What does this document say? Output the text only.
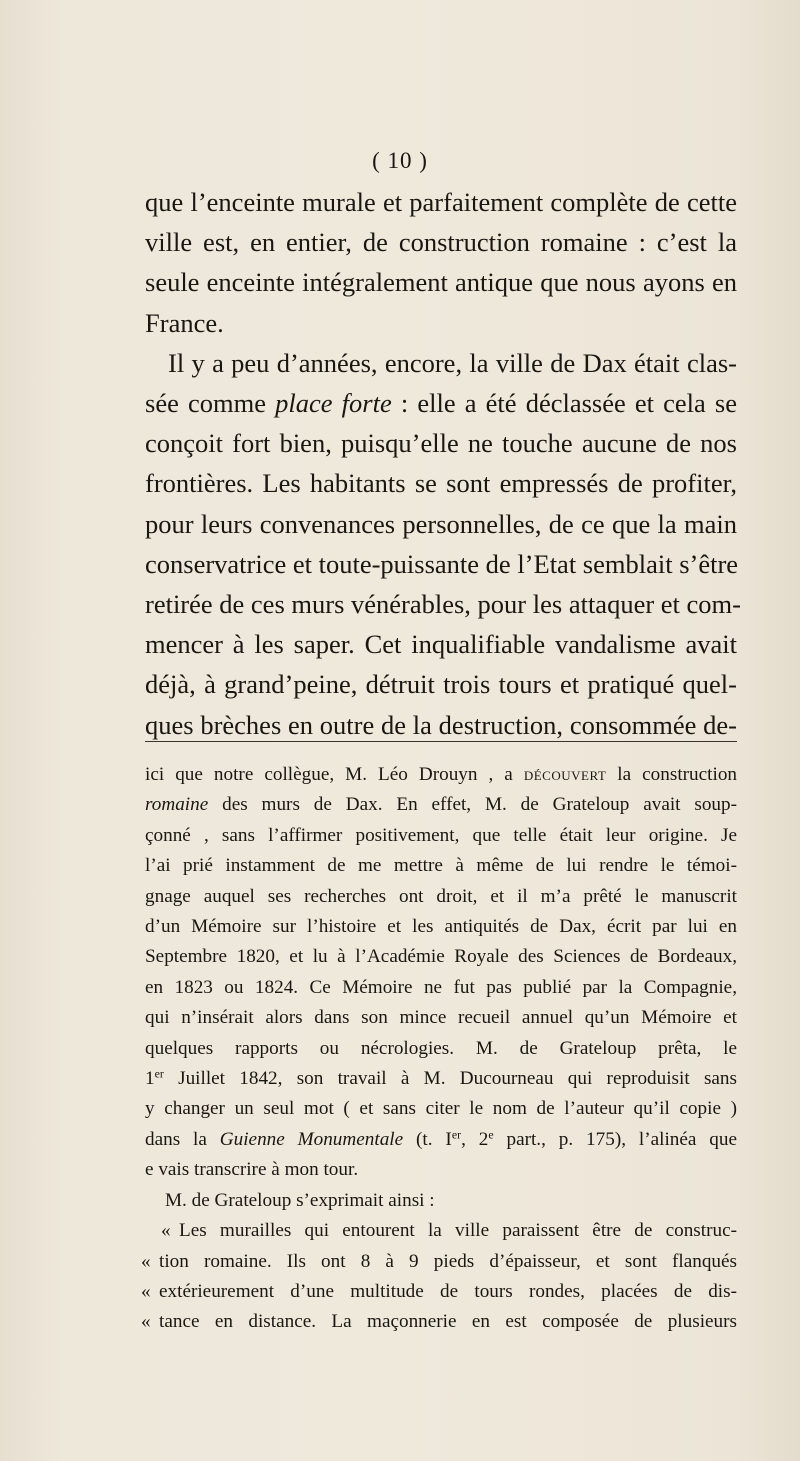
( 10 )
que l’enceinte murale et parfaitement complète de cette
ville est, en entier, de construction romaine : c’est la
seule enceinte intégralement antique que nous ayons en
France.
Il y a peu d’années, encore, la ville de Dax était clas-
sée comme place forte : elle a été déclassée et cela se
conçoit fort bien, puisqu’elle ne touche aucune de nos
frontières. Les habitants se sont empressés de profiter,
pour leurs convenances personnelles, de ce que la main
conservatrice et toute-puissante de l’Etat semblait s’être
retirée de ces murs vénérables, pour les attaquer et com-
mencer à les saper. Cet inqualifiable vandalisme avait
déjà, à grand’peine, détruit trois tours et pratiqué quel-
ques brèches en outre de la destruction, consommée de-
ici que notre collègue, M. Léo Drouyn , a découvert la construction
romaine des murs de Dax. En effet, M. de Grateloup avait soup-
çonné , sans l’affirmer positivement, que telle était leur origine. Je
l’ai prié instamment de me mettre à même de lui rendre le témoi-
gnage auquel ses recherches ont droit, et il m’a prêté le manuscrit
d’un Mémoire sur l’histoire et les antiquités de Dax, écrit par lui en
Septembre 1820, et lu à l’Académie Royale des Sciences de Bordeaux,
en 1823 ou 1824. Ce Mémoire ne fut pas publié par la Compagnie,
qui n’insérait alors dans son mince recueil annuel qu’un Mémoire et
quelques rapports ou nécrologies. M. de Grateloup prêta, le
1er Juillet 1842, son travail à M. Ducourneau qui reproduisit sans
y changer un seul mot ( et sans citer le nom de l’auteur qu’il copie )
dans la Guienne Monumentale (t. Ier, 2e part., p. 175), l’alinéa que
e vais transcrire à mon tour.
M. de Grateloup s’exprimait ainsi :
« Les murailles qui entourent la ville paraissent être de construc-
« tion romaine. Ils ont 8 à 9 pieds d’épaisseur, et sont flanqués
« extérieurement d’une multitude de tours rondes, placées de dis-
« tance en distance. La maçonnerie en est composée de plusieurs
